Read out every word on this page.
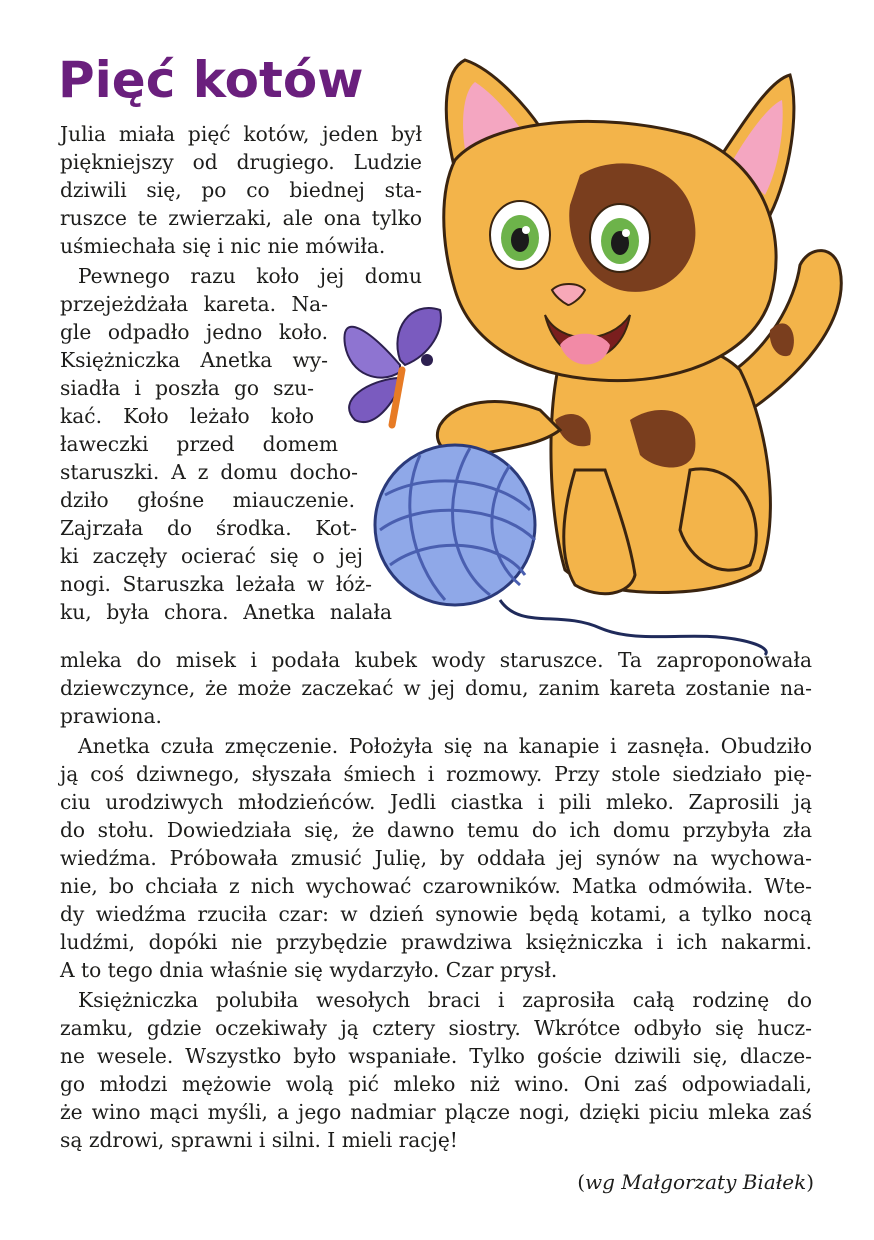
Pięć kotów
Julia miała pięć kotów, jeden był
piękniejszy od drugiego. Ludzie
dziwili się, po co biednej sta-
ruszce te zwierzaki, ale ona tylko
uśmiechała się i nic nie mówiła.
Pewnego razu koło jej domu
przejeżdżała kareta. Na-
gle odpadło jedno koło.
Księżniczka Anetka wy-
siadła i poszła go szu-
kać. Koło leżało koło
ławeczki przed domem
staruszki. A z domu docho-
dziło głośne miauczenie.
Zajrzała do środka. Kot-
ki zaczęły ocierać się o jej
nogi. Staruszka leżała w łóż-
ku, była chora. Anetka nalała
mleka do misek i podała kubek wody staruszce. Ta zaproponowała
dziewczynce, że może zaczekać w jej domu, zanim kareta zostanie na-
prawiona.
Anetka czuła zmęczenie. Położyła się na kanapie i zasnęła. Obudziło
ją coś dziwnego, słyszała śmiech i rozmowy. Przy stole siedziało pię-
ciu urodziwych młodzieńców. Jedli ciastka i pili mleko. Zaprosili ją
do stołu. Dowiedziała się, że dawno temu do ich domu przybyła zła
wiedźma. Próbowała zmusić Julię, by oddała jej synów na wychowa-
nie, bo chciała z nich wychować czarowników. Matka odmówiła. Wte-
dy wiedźma rzuciła czar: w dzień synowie będą kotami, a tylko nocą
ludźmi, dopóki nie przybędzie prawdziwa księżniczka i ich nakarmi.
A to tego dnia właśnie się wydarzyło. Czar prysł.
Księżniczka polubiła wesołych braci i zaprosiła całą rodzinę do
zamku, gdzie oczekiwały ją cztery siostry. Wkrótce odbyło się hucz-
ne wesele. Wszystko było wspaniałe. Tylko goście dziwili się, dlacze-
go młodzi mężowie wolą pić mleko niż wino. Oni zaś odpowiadali,
że wino mąci myśli, a jego nadmiar plącze nogi, dzięki piciu mleka zaś
są zdrowi, sprawni i silni. I mieli rację!
(wg Małgorzaty Białek)
